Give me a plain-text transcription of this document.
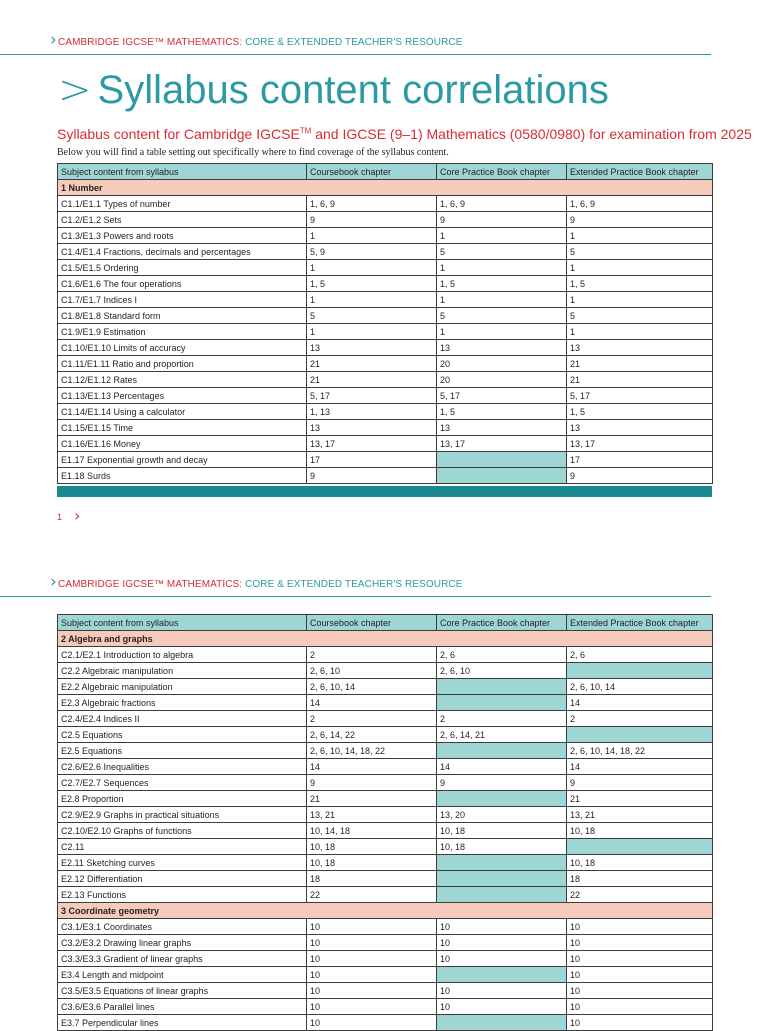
› CAMBRIDGE IGCSE™ MATHEMATICS: CORE & EXTENDED TEACHER'S RESOURCE
> Syllabus content correlations
Syllabus content for Cambridge IGCSE™ and IGCSE (9–1) Mathematics (0580/0980) for examination from 2025
Below you will find a table setting out specifically where to find coverage of the syllabus content.
Subject content from syllabus	Coursebook chapter	Core Practice Book chapter	Extended Practice Book chapter
1 Number			
C1.1/E1.1 Types of number	1, 6, 9	1, 6, 9	1, 6, 9
C1.2/E1.2 Sets	9	9	9
C1.3/E1.3 Powers and roots	1	1	1
C1.4/E1.4 Fractions, decimals and percentages	5, 9	5	5
C1.5/E1.5 Ordering	1	1	1
C1.6/E1.6 The four operations	1, 5	1, 5	1, 5
C1.7/E1.7 Indices I	1	1	1
C1.8/E1.8 Standard form	5	5	5
C1.9/E1.9 Estimation	1	1	1
C1.10/E1.10 Limits of accuracy	13	13	13
C1.11/E1.11 Ratio and proportion	21	20	21
C1.12/E1.12 Rates	21	20	21
C1.13/E1.13 Percentages	5, 17	5, 17	5, 17
C1.14/E1.14 Using a calculator	1, 13	1, 5	1, 5
C1.15/E1.15 Time	13	13	13
C1.16/E1.16 Money	13, 17	13, 17	13, 17
E1.17 Exponential growth and decay	17		17
E1.18 Surds	9		9
1 ›
› CAMBRIDGE IGCSE™ MATHEMATICS: CORE & EXTENDED TEACHER'S RESOURCE
Subject content from syllabus	Coursebook chapter	Core Practice Book chapter	Extended Practice Book chapter
2 Algebra and graphs			
C2.1/E2.1 Introduction to algebra	2	2, 6	2, 6
C2.2 Algebraic manipulation	2, 6, 10	2, 6, 10	
E2.2 Algebraic manipulation	2, 6, 10, 14		2, 6, 10, 14
E2.3 Algebraic fractions	14		14
C2.4/E2.4 Indices II	2	2	2
C2.5 Equations	2, 6, 14, 22	2, 6, 14, 21	
E2.5 Equations	2, 6, 10, 14, 18, 22		2, 6, 10, 14, 18, 22
C2.6/E2.6 Inequalities	14	14	14
C2.7/E2.7 Sequences	9	9	9
E2.8 Proportion	21		21
C2.9/E2.9 Graphs in practical situations	13, 21	13, 20	13, 21
C2.10/E2.10 Graphs of functions	10, 14, 18	10, 18	10, 18
C2.11	10, 18	10, 18	
E2.11 Sketching curves	10, 18		10, 18
E2.12 Differentiation	18		18
E2.13 Functions	22		22
3 Coordinate geometry			
C3.1/E3.1 Coordinates	10	10	10
C3.2/E3.2 Drawing linear graphs	10	10	10
C3.3/E3.3 Gradient of linear graphs	10	10	10
E3.4 Length and midpoint	10		10
C3.5/E3.5 Equations of linear graphs	10	10	10
C3.6/E3.6 Parallel lines	10	10	10
E3.7 Perpendicular lines	10		10
